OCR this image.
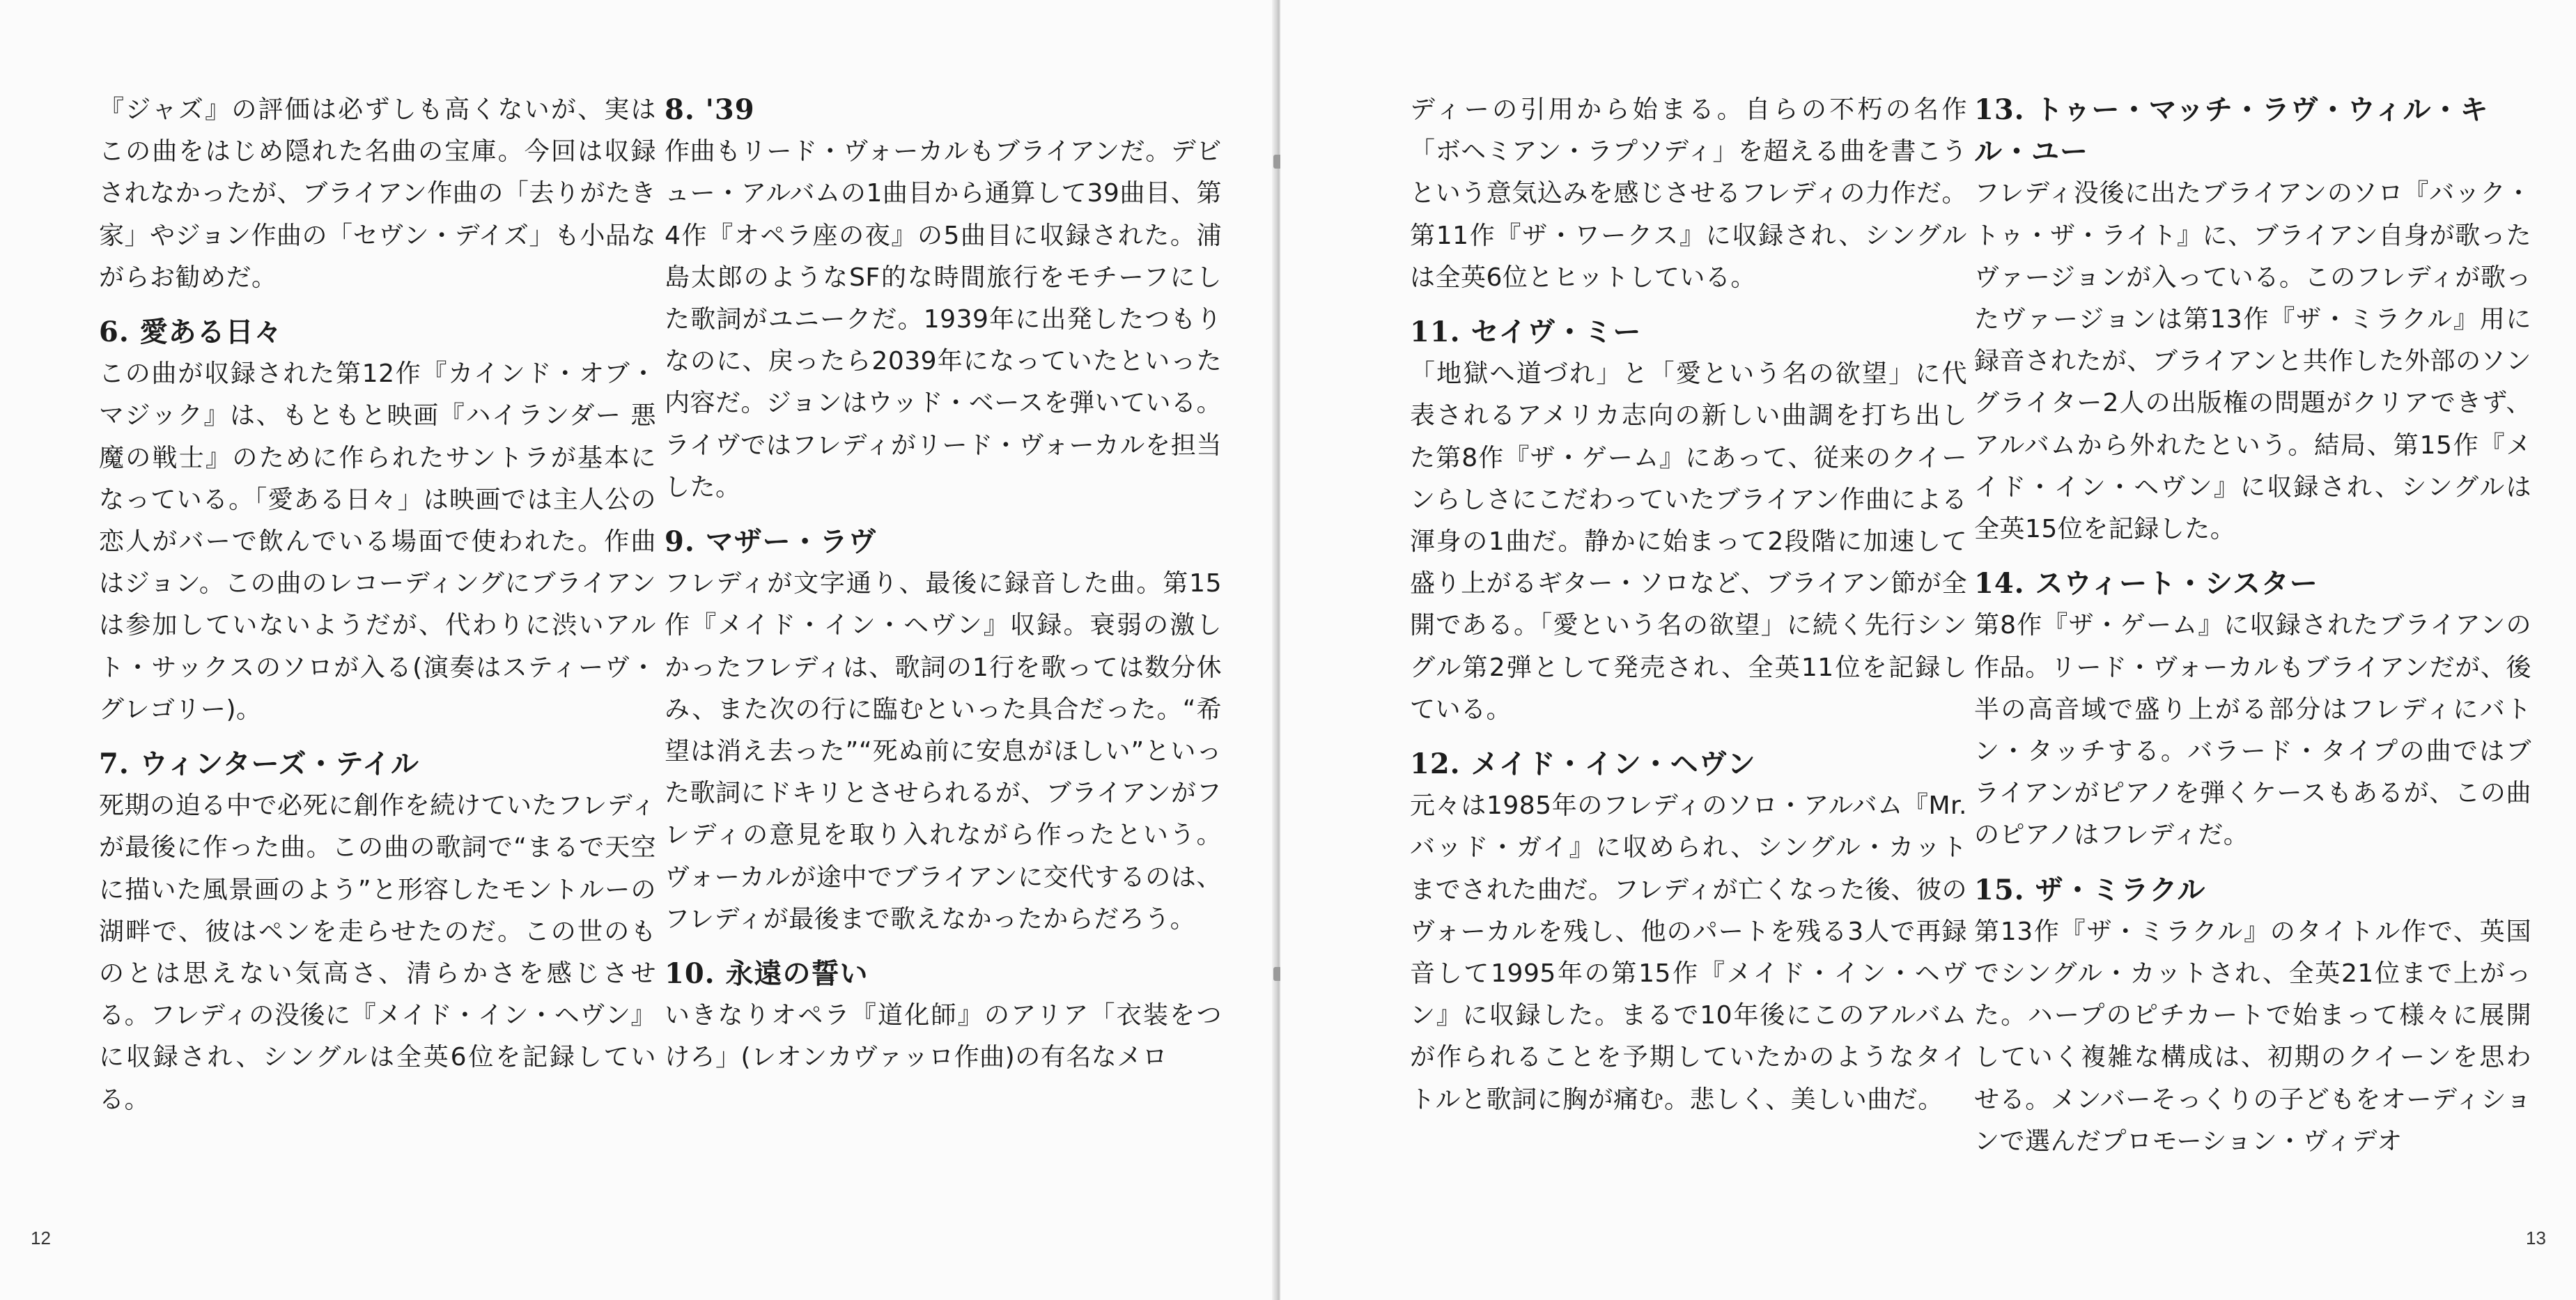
『ジャズ』の評価は必ずしも高くないが、実はこの曲をはじめ隠れた名曲の宝庫。今回は収録されなかったが、ブライアン作曲の「去りがたき家」やジョン作曲の「セヴン・デイズ」も小品ながらお勧めだ。

6. 愛ある日々

この曲が収録された第12作『カインド・オブ・マジック』は、もともと映画『ハイランダー 悪魔の戦士』のために作られたサントラが基本になっている。「愛ある日々」は映画では主人公の恋人がバーで飲んでいる場面で使われた。作曲はジョン。この曲のレコーディングにブライアンは参加していないようだが、代わりに渋いアルト・サックスのソロが入る(演奏はスティーヴ・グレゴリー)。

7. ウィンターズ・テイル

死期の迫る中で必死に創作を続けていたフレディが最後に作った曲。この曲の歌詞で“まるで天空に描いた風景画のよう”と形容したモントルーの湖畔で、彼はペンを走らせたのだ。この世のものとは思えない気高さ、清らかさを感じさせる。フレディの没後に『メイド・イン・ヘヴン』に収録され、シングルは全英6位を記録している。

8. '39

作曲もリード・ヴォーカルもブライアンだ。デビュー・アルバムの1曲目から通算して39曲目、第4作『オペラ座の夜』の5曲目に収録された。浦島太郎のようなSF的な時間旅行をモチーフにした歌詞がユニークだ。1939年に出発したつもりなのに、戻ったら2039年になっていたといった内容だ。ジョンはウッド・ベースを弾いている。ライヴではフレディがリード・ヴォーカルを担当した。

9. マザー・ラヴ

フレディが文字通り、最後に録音した曲。第15作『メイド・イン・ヘヴン』収録。衰弱の激しかったフレディは、歌詞の1行を歌っては数分休み、また次の行に臨むといった具合だった。“希望は消え去った”“死ぬ前に安息がほしい”といった歌詞にドキリとさせられるが、ブライアンがフレディの意見を取り入れながら作ったという。ヴォーカルが途中でブライアンに交代するのは、フレディが最後まで歌えなかったからだろう。

10. 永遠の誓い

いきなりオペラ『道化師』のアリア「衣装をつけろ」(レオンカヴァッロ作曲)の有名なメロ

12

ディーの引用から始まる。自らの不朽の名作「ボヘミアン・ラプソディ」を超える曲を書こうという意気込みを感じさせるフレディの力作だ。第11作『ザ・ワークス』に収録され、シングルは全英6位とヒットしている。

11. セイヴ・ミー

「地獄へ道づれ」と「愛という名の欲望」に代表されるアメリカ志向の新しい曲調を打ち出した第8作『ザ・ゲーム』にあって、従来のクイーンらしさにこだわっていたブライアン作曲による渾身の1曲だ。静かに始まって2段階に加速して盛り上がるギター・ソロなど、ブライアン節が全開である。「愛という名の欲望」に続く先行シングル第2弾として発売され、全英11位を記録している。

12. メイド・イン・ヘヴン

元々は1985年のフレディのソロ・アルバム『Mr.バッド・ガイ』に収められ、シングル・カットまでされた曲だ。フレディが亡くなった後、彼のヴォーカルを残し、他のパートを残る3人で再録音して1995年の第15作『メイド・イン・ヘヴン』に収録した。まるで10年後にこのアルバムが作られることを予期していたかのようなタイトルと歌詞に胸が痛む。悲しく、美しい曲だ。

13. トゥー・マッチ・ラヴ・ウィル・キル・ユー

フレディ没後に出たブライアンのソロ『バック・トゥ・ザ・ライト』に、ブライアン自身が歌ったヴァージョンが入っている。このフレディが歌ったヴァージョンは第13作『ザ・ミラクル』用に録音されたが、ブライアンと共作した外部のソングライター2人の出版権の問題がクリアできず、アルバムから外れたという。結局、第15作『メイド・イン・ヘヴン』に収録され、シングルは全英15位を記録した。

14. スウィート・シスター

第8作『ザ・ゲーム』に収録されたブライアンの作品。リード・ヴォーカルもブライアンだが、後半の高音域で盛り上がる部分はフレディにバトン・タッチする。バラード・タイプの曲ではブライアンがピアノを弾くケースもあるが、この曲のピアノはフレディだ。

15. ザ・ミラクル

第13作『ザ・ミラクル』のタイトル作で、英国でシングル・カットされ、全英21位まで上がった。ハープのピチカートで始まって様々に展開していく複雑な構成は、初期のクイーンを思わせる。メンバーそっくりの子どもをオーディションで選んだプロモーション・ヴィデオ

13
